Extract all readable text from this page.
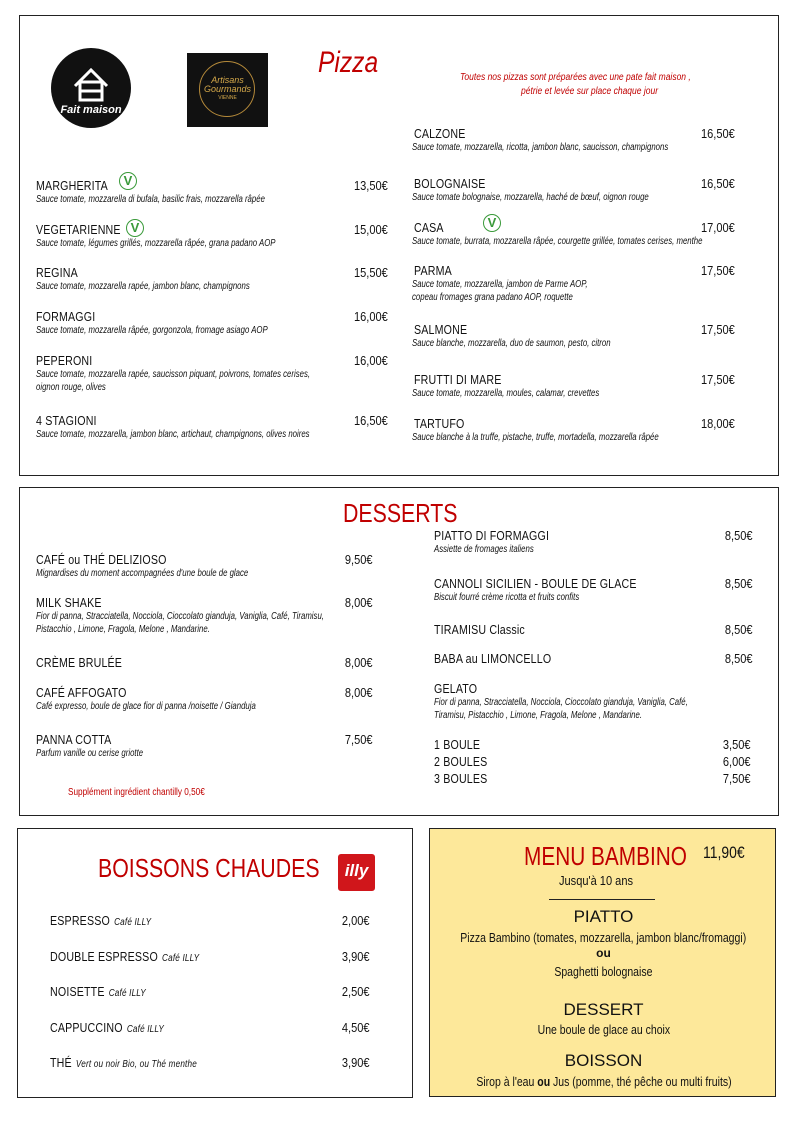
Fait maison
Artisans
Gourmands
VIENNE
Pizza	Toutes nos pizzas sont préparées avec une pate fait maison ,
pétrie et levée sur place chaque jour
MARGHERITA	13,50€
Sauce tomate, mozzarella di bufala, basilic frais, mozzarella râpée
VEGETARIENNE	15,00€
Sauce tomate, légumes grillés, mozzarella râpée, grana padano AOP
REGINA	15,50€
Sauce tomate, mozzarella rapée, jambon blanc, champignons
FORMAGGI	16,00€
Sauce tomate, mozzarella râpée, gorgonzola, fromage asiago AOP
PEPERONI	16,00€
Sauce tomate, mozzarella rapée, saucisson piquant, poivrons, tomates cerises,
oignon rouge, olives
4 STAGIONI	16,50€
Sauce tomate, mozzarella, jambon blanc, artichaut, champignons, olives noires
CALZONE	16,50€
Sauce tomate, mozzarella, ricotta, jambon blanc, saucisson, champignons
BOLOGNAISE	16,50€
Sauce tomate bolognaise, mozzarella, haché de bœuf, oignon rouge
CASA	17,00€
Sauce tomate, burrata, mozzarella râpée, courgette grillée, tomates cerises, menthe
PARMA	17,50€
Sauce tomate, mozzarella, jambon de Parme AOP,
copeau fromages grana padano AOP, roquette
SALMONE	17,50€
Sauce blanche, mozzarella, duo de saumon, pesto, citron
FRUTTI DI MARE	17,50€
Sauce tomate, mozzarella, moules, calamar, crevettes
TARTUFO	18,00€
Sauce blanche à la truffe, pistache, truffe, mortadella, mozzarella râpée
V
V	V
DESSERTS
CAFÉ ou THÉ DELIZIOSO	9,50€
Mignardises du moment accompagnées d'une boule de glace
MILK SHAKE	8,00€
Fior di panna, Stracciatella, Nocciola, Cioccolato gianduja, Vaniglia, Café, Tiramisu,
Pistacchio , Limone, Fragola, Melone , Mandarine.
CRÈME BRULÉE	8,00€
CAFÉ AFFOGATO	8,00€
Café expresso, boule de glace fior di panna /noisette / Gianduja
PANNA COTTA	7,50€
Parfum vanille ou cerise griotte
Supplément ingrédient chantilly 0,50€
PIATTO DI FORMAGGI	8,50€
Assiette de fromages italiens
CANNOLI SICILIEN - BOULE DE GLACE	8,50€
Biscuit fourré crème ricotta et fruits confits
TIRAMISU Classic	8,50€
BABA au LIMONCELLO	8,50€
GELATO
Fior di panna, Stracciatella, Nocciola, Cioccolato gianduja, Vaniglia, Café,
Tiramisu, Pistacchio , Limone, Fragola, Melone , Mandarine.
1 BOULE	3,50€
2 BOULES	6,00€
3 BOULES	7,50€
BOISSONS CHAUDES	illy
ESPRESSO Café ILLY	2,00€
DOUBLE ESPRESSO Café ILLY	3,90€
NOISETTE Café ILLY	2,50€
CAPPUCCINO Café ILLY	4,50€
THÉ Vert ou noir Bio, ou Thé menthe	3,90€
MENU BAMBINO 11,90€
Jusqu'à 10 ans
PIATTO
Pizza Bambino (tomates, mozzarella, jambon blanc/fromaggi)
ou
Spaghetti bolognaise
DESSERT
Une boule de glace au choix
BOISSON
Sirop à l'eau ou Jus (pomme, thé pêche ou multi fruits)
